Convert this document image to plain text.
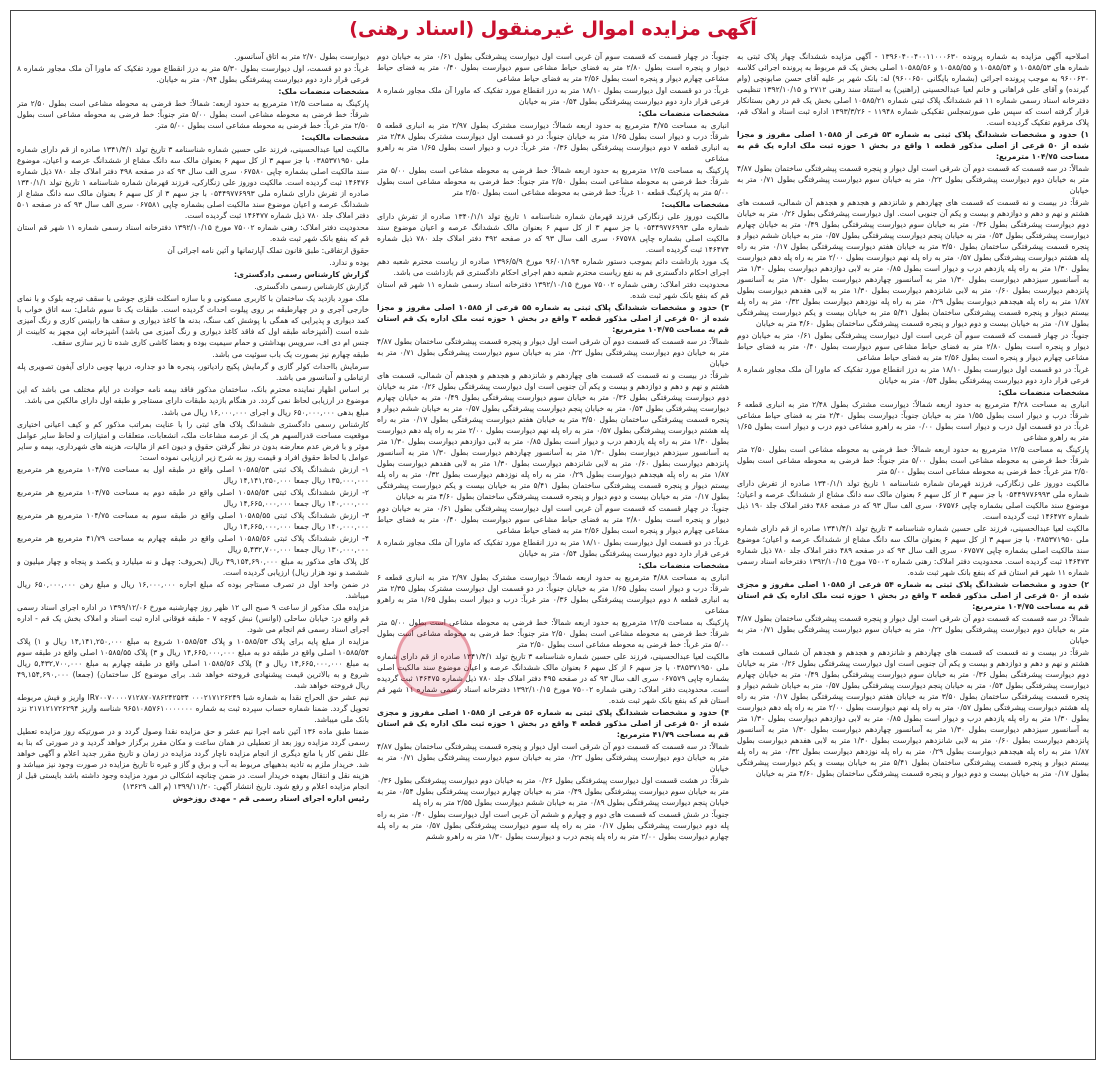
آگهی مزایده اموال غیرمنقول (اسناد رهنی)

اصلاحیه آگهی مزایده به شماره پرونده ۱۳۹۶۰۴۰۰۴۰۰۱۱۰۰۰۶۳۰ - آگهی مزایده ششدانگ چهار پلاک ثبتی به شماره های ۱۰۵۸۵/۵۳ و ۱۰۵۸۵/۵۴ و ۱۰۵۸۵/۵۵ و ۱۰۵۸۵/۵۶ اصلی بخش یک قم مربوط به پرونده اجرائی کلاسه ۹۶۰۰۶۳۰ به موجب پرونده اجرائی (بشماره بایگانی ۹۶۰۰۶۵۰) له: بانک شهر بر علیه آقای حسن صابونچی (وام گیرنده) و آقای علی فراهانی و خانم لعیا عبدالحسینی (راهنین) به استناد سند رهنی ۲۷۱۲ و ۱۳۹۲/۱۰/۱۵ تنظیمی دفترخانه اسناد رسمی شماره ۱۱ قم ششدانگ پلاک ثبتی شماره ۱۰۵۸۵/۲۱ اصلی بخش یک قم در رهن بستانکار قرار گرفته است که سپس طی صورتمجلس تفکیکی شماره ۱۱۹۴۸ - ۱۳۹۳/۳/۲۶ اداره ثبت اسناد و املاک قم، پلاک مرقوم تفکیک گردیده است.

۱) حدود و مشخصات ششدانگ پلاک ثبتی به شماره ۵۳ فرعی از ۱۰۵۸۵ اصلی مفروز و مجزا شده از ۵۰ فرعی از اصلی مذکور قطعه ۱ واقع در بخش ۱ حوزه ثبت ملک اداره یک قم به مساحت ۱۰۴/۷۵ مترمربع:

شمالاً: در سه قسمت که قسمت دوم آن شرقی است اول دیوار و پنجره قسمت پیشرفتگی ساختمان بطول ۴/۸۷ متر به خیابان دوم دیوارست پیشرفتگی بطول ۰/۲۲ متر به خیابان سوم دیوارست پیشرفتگی بطول ۰/۷۱ متر به خیابان

شرقاً: در بیست و نه قسمت که قسمت های چهاردهم و شانزدهم و هجدهم و هجدهم آن شمالی، قسمت های هشتم و نهم و دهم و دوازدهم و بیست و یکم آن جنوبی است. اول دیوارست پیشرفتگی بطول ۰/۲۶ متر به خیابان دوم دیوارست پیشرفتگی بطول ۰/۳۶ متر به خیابان سوم دیوارست پیشرفتگی بطول ۰/۴۹ متر به خیابان چهارم دیوارست پیشرفتگی بطول ۰/۵۴ متر به خیابان پنجم دیوارست پیشرفتگی بطول ۰/۵۷ متر به خیابان ششم دیوار و پنجره قسمت پیشرفتگی ساختمان بطول ۳/۵۰ متر به خیابان هفتم دیوارست پیشرفتگی بطول ۰/۱۷ متر به راه پله هشتم دیوارست پیشرفتگی بطول ۰/۵۷ متر به راه پله نهم دیوارست بطول ۲/۰۰ متر به راه پله دهم دیوارست بطول ۱/۳۰ متر به راه پله یازدهم درب و دیوار است بطول ۰/۸۵ متر به لابی دوازدهم دیوارست بطول ۱/۳۰ متر به آسانسور سیزدهم دیوارست بطول ۱/۳۰ متر به آسانسور چهاردهم دیوارست بطول ۱/۳۰ متر به آسانسور پانزدهم دیوارست بطول ۰/۶۰ متر به لابی شانزدهم دیوارست بطول ۱/۳۰ متر به لابی هفدهم دیوارست بطول ۱/۸۷ متر به راه پله هیجدهم دیوارست بطول ۰/۲۹ متر به راه پله نوزدهم دیوارست بطول ۰/۳۲ متر به راه پله بیستم دیوار و پنجره قسمت پیشرفتگی ساختمان بطول ۵/۴۱ متر به خیابان بیست و یکم دیوارست پیشرفتگی بطول ۰/۱۷ متر به خیابان بیست و دوم دیوار و پنجره قسمت پیشرفتگی ساختمان بطول ۴/۶۰ متر به خیابان

جنوباً: در چهار قسمت که قسمت سوم آن غربی است اول دیوارست پیشرفتگی بطول ۰/۶۱ متر به خیابان دوم دیوار و پنجره است بطول ۲/۸۰ متر به فضای حیاط مشاعی سوم دیوارست بطول ۰/۴۰ متر به فضای حیاط مشاعی چهارم دیوار و پنجره است بطول ۲/۵۶ متر به فضای حیاط مشاعی

غرباً: در دو قسمت اول دیوارست بطول ۱۸/۱۰ متر به درز انقطاع مورد تفکیک که ماورا آن ملک مجاور شماره ۸ فرعی قرار دارد دوم دیوارست پیشرفتگی بطول ۰/۵۴ متر به خیابان

مشخصات منضمات ملک:

انباری به مساحت ۴/۲۸ مترمربع به حدود اربعه شمالاً: دیوارست مشترک بطول ۲/۴۸ متر به انباری قطعه ۶ شرقاً: درب و دیوار است بطول ۱/۵۵ متر به خیابان جنوباً: دیوارست بطول ۲/۴۰ متر به فضای حیاط مشاعی غرباً: در دو قسمت اول درب و دیوار است بطول ۰/۰۰ متر به راهرو مشاعی دوم درب و دیوار است بطول ۱/۶۵ متر به راهرو مشاعی

پارکینگ به مساحت ۱۲/۵ مترمربع به حدود اربعه شمالاً: خط فرضی به محوطه مشاعی است بطول ۲/۵۰ متر شرقاً: خط فرضی به محوطه مشاعی است بطول ۵/۰۰ متر جنوباً: خط فرضی به محوطه مشاعی است بطول ۲/۵۰ متر غرباً: خط فرضی به محوطه مشاعی است بطول ۵/۰۰ متر

مالکیت دوروز علی زنگارکی، فرزند قهرمان شماره شناسنامه ۱ تاریخ تولد ۱۳۴۰/۱/۱ صادره از تفرش دارای شماره ملی ۰۵۴۴۹۷۷۶۹۹۳ با جز سهم ۳ از کل سهم ۶ بعنوان مالک سه دانگ مشاع از ششدانگ عرصه و اعیان؛ موضوع سند مالکیت اصلی بشماره چاپی ۰۶۷۵۷۶ سری الف سال ۹۳ که در صفحه ۴۸۶ دفتر املاک جلد ۱۹۰ ذیل شماره ۱۴۶۴۷۲ ثبت گردیده است.

مالکیت لعیا عبدالحسینی، فرزند علی حسین شماره شناسنامه ۳ تاریخ تولد ۱۳۴۱/۴/۱ صادره از قم دارای شماره ملی ۰۳۸۵۳۷۱۹۵۰ با جز سهم ۳ از کل سهم ۶ بعنوان مالک سه دانگ مشاع از ششدانگ عرصه و اعیان؛ موضوع سند مالکیت اصلی بشماره چاپی ۰۶۷۵۷۷ سری الف سال ۹۳ که در صفحه ۴۸۹ دفتر املاک جلد ۷۸۰ ذیل شماره ۱۴۶۴۷۳ ثبت گردیده است. محدودیت دفتر املاک: رهنی شماره ۷۵۰۰۲ مورخ ۱۳۹۲/۱۰/۱۵ دفترخانه اسناد رسمی شماره ۱۱ شهر قم استان قم که بنفع بانک شهر ثبت شده.

۲) حدود و مشخصات ششدانگ پلاک ثبتی به شماره ۵۴ فرعی از ۱۰۵۸۵ اصلی مفروز و مجزی شده از ۵۰ فرعی از اصلی مذکور قطعه ۳ واقع در بخش ۱ حوزه ثبت ملک اداره یک قم استان قم به مساحت ۱۰۴/۷۵ مترمربع:

شمالاً: در سه قسمت که قسمت دوم آن شرقی است اول دیوار و پنجره قسمت پیشرفتگی ساختمان بطول ۴/۸۷ متر به خیابان دوم دیوارست پیشرفتگی بطول ۰/۲۲ متر به خیابان سوم دیوارست پیشرفتگی بطول ۰/۷۱ متر به خیابان

شرقاً: در بیست و نه قسمت که قسمت های چهاردهم و شانزدهم و هجدهم و هجدهم آن شمالی قسمت های هشتم و نهم و دهم و دوازدهم و بیست و یکم آن جنوبی است اول دیوارست پیشرفتگی بطول ۰/۲۶ متر به خیابان دوم دیوارست پیشرفتگی بطول ۰/۳۶ متر به خیابان سوم دیوارست پیشرفتگی بطول ۰/۴۹ متر به خیابان چهارم دیوارست پیشرفتگی بطول ۰/۵۴ متر به خیابان پنجم دیوارست پیشرفتگی بطول ۰/۵۷ متر به خیابان ششم دیوار و پنجره قسمت پیشرفتگی ساختمان بطول ۳/۵۰ متر به خیابان هفتم دیوارست پیشرفتگی بطول ۰/۱۷ متر به راه پله هشتم دیوارست پیشرفتگی بطول ۰/۵۷ متر به راه پله نهم دیوارست بطول ۲/۰۰ متر به راه پله دهم دیوارست بطول ۱/۳۰ متر به راه پله یازدهم درب و دیوار است بطول ۰/۸۵ متر به لابی دوازدهم دیوارست بطول ۱/۳۰ متر به آسانسور سیزدهم دیوارست بطول ۱/۳۰ متر به آسانسور چهاردهم دیوارست بطول ۱/۳۰ متر به آسانسور پانزدهم دیوارست بطول ۰/۶۰ متر به لابی شانزدهم دیوارست بطول ۱/۳۰ متر به لابی هفدهم دیوارست بطول ۱/۸۷ متر به راه پله هیجدهم دیوارست بطول ۰/۲۹ متر به راه پله نوزدهم دیوارست بطول ۰/۳۲ متر به راه پله بیستم دیوار و پنجره قسمت پیشرفتگی ساختمان بطول ۵/۴۱ متر به خیابان بیست و یکم دیوارست پیشرفتگی بطول ۰/۱۷ متر به خیابان بیست و دوم دیوار و پنجره قسمت پیشرفتگی ساختمان بطول ۴/۶۰ متر به خیابان

جنوباً: در چهار قسمت که قسمت سوم آن غربی است اول دیوارست پیشرفتگی بطول ۰/۶۱ متر به خیابان دوم دیوار و پنجره است بطول ۲/۸۰ متر به فضای حیاط مشاعی سوم دیوارست بطول ۰/۴۰ متر به فضای حیاط مشاعی چهارم دیوار و پنجره است بطول ۲/۵۶ متر به فضای حیاط مشاعی

غرباً: در دو قسمت اول دیوارست بطول ۱۸/۱۰ متر به درز انقطاع مورد تفکیک که ماورا آن ملک مجاور شماره ۸ فرعی قرار دارد دوم دیوارست پیشرفتگی بطول ۰/۵۴ متر به خیابان

مشخصات منضمات ملک:

انباری به مساحت ۴/۷۵ مترمربع به حدود اربعه شمالاً: دیوارست مشترک بطول ۲/۹۷ متر به انباری قطعه ۵ شرقاً: درب و دیوار است بطول ۱/۶۵ متر به خیابان جنوباً: در دو قسمت اول دیوارست مشترک بطول ۲/۴۸ متر به انباری قطعه ۷ دوم دیوارست پیشرفتگی بطول ۰/۳۶ متر غرباً: درب و دیوار است بطول ۱/۶۵ متر به راهرو مشاعی

پارکینگ به مساحت ۱۲/۵ مترمربع به حدود اربعه شمالاً: خط فرضی به محوطه مشاعی است بطول ۵/۰۰ متر شرقاً: خط فرضی به محوطه مشاعی است بطول ۲/۵۰ متر جنوباً: خط فرضی به محوطه مشاعی است بطول ۵/۰۰ متر به پارکینگ قطعه ۱۰ غرباً: خط فرضی به محوطه مشاعی است بطول ۲/۵۰ متر

مشخصات مالکیت:

مالکیت دوروز علی زنگارکی فرزند قهرمان شماره شناسنامه ۱ تاریخ تولد ۱۳۴۰/۱/۱ صادره از تفرش دارای شماره ملی ۰۵۴۴۹۷۷۶۹۹۳ با جز سهم ۳ از کل سهم ۶ بعنوان مالک ششدانگ عرصه و اعیان موضوع سند مالکیت اصلی بشماره چاپی ۰۶۷۵۷۸ سری الف سال ۹۳ که در صفحه ۴۹۲ دفتر املاک جلد ۷۸۰ ذیل شماره ۱۴۶۴۷۴ ثبت گردیده است.

یک مورد بازداشت دائم بموجب دستور شماره ۹۶/۰۱/۱۹۴ مورخ ۱۳۹۶/۵/۹ صادره از ریاست محترم شعبه دهم اجرای احکام دادگستری قم به نفع ریاست محترم شعبه دهم اجرای احکام دادگستری قم بازداشت می باشد.

محدودیت دفتر املاک: رهنی شماره ۷۵۰۰۲ مورخ ۱۳۹۲/۱۰/۱۵ دفترخانه اسناد رسمی شماره ۱۱ شهر قم استان قم که بنفع بانک شهر ثبت شده.

۳) حدود و مشخصات ششدانگ پلاک ثبتی به شماره ۵۵ فرعی از ۱۰۵۸۵ اصلی مفروز و مجزا شده از ۵۰ فرعی از اصلی مذکور قطعه ۳ واقع در بخش ۱ حوزه ثبت ملک اداره یک قم استان قم به مساحت ۱۰۴/۷۵ مترمربع:

شمالاً: در سه قسمت که قسمت دوم آن شرقی است اول دیوار و پنجره قسمت پیشرفتگی ساختمان بطول ۴/۸۷ متر به خیابان دوم دیوارست پیشرفتگی بطول ۰/۲۲ متر به خیابان سوم دیوارست پیشرفتگی بطول ۰/۷۱ متر به خیابان

شرقاً: در بیست و نه قسمت که قسمت های چهاردهم و شانزدهم و هجدهم و هجدهم آن شمالی، قسمت های هشتم و نهم و دهم و دوازدهم و بیست و یکم آن جنوبی است اول دیوارست پیشرفتگی بطول ۰/۲۶ متر به خیابان دوم دیوارست پیشرفتگی بطول ۰/۳۶ متر به خیابان سوم دیوارست پیشرفتگی بطول ۰/۴۹ متر به خیابان چهارم دیوارست پیشرفتگی بطول ۰/۵۴ متر به خیابان پنجم دیوارست پیشرفتگی بطول ۰/۵۷ متر به خیابان ششم دیوار و پنجره قسمت پیشرفتگی ساختمان بطول ۳/۵۰ متر به خیابان هفتم دیوارست پیشرفتگی بطول ۰/۱۷ متر به راه پله هشتم دیوارست پیشرفتگی بطول ۰/۵۷ متر به راه پله نهم دیوارست بطول ۲/۰۰ متر به راه پله دهم دیوارست بطول ۱/۳۰ متر به راه پله یازدهم درب و دیوار است بطول ۰/۸۵ متر به لابی دوازدهم دیوارست بطول ۱/۳۰ متر به آسانسور سیزدهم دیوارست بطول ۱/۳۰ متر به آسانسور چهاردهم دیوارست بطول ۱/۳۰ متر به آسانسور پانزدهم دیوارست بطول ۰/۶۰ متر به لابی شانزدهم دیوارست بطول ۱/۳۰ متر به لابی هفدهم دیوارست بطول ۱/۸۷ متر به راه پله هیجدهم دیوارست بطول ۰/۲۹ متر به راه پله نوزدهم دیوارست بطول ۰/۳۲ متر به راه پله بیستم دیوار و پنجره قسمت پیشرفتگی ساختمان بطول ۵/۴۱ متر به خیابان بیست و یکم دیوارست پیشرفتگی بطول ۰/۱۷ متر به خیابان بیست و دوم دیوار و پنجره قسمت پیشرفتگی ساختمان بطول ۴/۶۰ متر به خیابان

جنوباً: در چهار قسمت که قسمت سوم آن غربی است اول دیوارست پیشرفتگی بطول ۰/۶۱ متر به خیابان دوم دیوار و پنجره است بطول ۲/۸۰ متر به فضای حیاط مشاعی سوم دیوارست بطول ۰/۴۰ متر به فضای حیاط مشاعی چهارم دیوار و پنجره است بطول ۲/۵۶ متر به فضای حیاط مشاعی

غرباً: در دو قسمت اول دیوارست بطول ۱۸/۱۰ متر به درز انقطاع مورد تفکیک که ماورا آن ملک مجاور شماره ۸ فرعی قرار دارد دوم دیوارست پیشرفتگی بطول ۰/۵۴ متر به خیابان

مشخصات منضمات ملک:

انباری به مساحت ۴/۸۸ مترمربع به حدود اربعه شمالاً: دیوارست مشترک بطول ۲/۹۷ متر به انباری قطعه ۶ شرقاً: درب و دیوار است بطول ۱/۶۵ متر به خیابان جنوباً: در دو قسمت اول دیوارست مشترک بطول ۲/۳۵ متر به انباری قطعه ۸ دوم دیوارست پیشرفتگی بطول ۰/۳۶ متر غرباً: درب و دیوار است بطول ۱/۶۵ متر به راهرو مشاعی

پارکینگ به مساحت ۱۲/۵ مترمربع به حدود اربعه شمالاً: خط فرضی به محوطه مشاعی است بطول ۵/۰۰ متر شرقاً: خط فرضی به محوطه مشاعی است بطول ۲/۵۰ متر جنوباً: خط فرضی به محوطه مشاعی است بطول ۵/۰۰ متر غرباً: خط فرضی به محوطه مشاعی است بطول ۲/۵۰ متر

مالکیت لعیا عبدالحسینی، فرزند علی حسین شماره شناسنامه ۳ تاریخ تولد ۱۳۴۱/۴/۱ صادره از قم دارای شماره ملی ۰۳۸۵۳۷۱۹۵۰ با جز سهم ۶ از کل سهم ۶ بعنوان مالک ششدانگ عرصه و اعیان موضوع سند مالکیت اصلی بشماره چاپی ۰۶۷۵۷۹ سری الف سال ۹۳ که در صفحه ۴۹۵ دفتر املاک جلد ۷۸۰ ذیل شماره ۱۴۶۴۷۵ ثبت گردیده است. محدودیت دفتر املاک: رهنی شماره ۷۵۰۰۲ مورخ ۱۳۹۲/۱۰/۱۵ دفترخانه اسناد رسمی شماره ۱۱ شهر قم استان قم که بنفع بانک شهر ثبت شده.

۴) حدود و مشخصات ششدانگ پلاک ثبتی به شماره ۵۶ فرعی از ۱۰۵۸۵ اصلی مفروز و مجزی شده از ۵۰ فرعی از اصلی مذکور قطعه ۴ واقع در بخش ۱ حوزه ثبت ملک اداره یک قم استان قم به مساحت ۴۱/۷۹ مترمربع:

شمالاً: در سه قسمت که قسمت دوم آن شرقی است اول دیوار و پنجره قسمت پیشرفتگی ساختمان بطول ۴/۸۷ متر به خیابان دوم دیوارست پیشرفتگی بطول ۰/۲۲ متر به خیابان سوم دیوارست پیشرفتگی بطول ۰/۷۱ متر به خیابان

شرقاً: در هشت قسمت اول دیوارست پیشرفتگی بطول ۰/۲۶ متر به خیابان دوم دیوارست پیشرفتگی بطول ۰/۳۶ متر به خیابان سوم دیوارست پیشرفتگی بطول ۰/۴۹ متر به خیابان چهارم دیوارست پیشرفتگی بطول ۰/۵۴ متر به خیابان پنجم دیوارست پیشرفتگی بطول ۰/۸۹ متر به خیابان ششم دیوارست بطول ۲/۵۵ متر به راه پله

جنوباً: در شش قسمت که قسمت های دوم و چهارم و ششم آن غربی است اول دیوارست بطول ۰/۴۰ متر به راه پله دوم دیوارست پیشرفتگی بطول ۰/۱۷ متر به راه پله سوم دیوارست پیشرفتگی بطول ۰/۵۷ متر به راه پله چهارم دیوارست بطول ۲/۰۰ متر به راه پله پنجم درب و دیوارست بطول ۱/۳۰ متر به راهرو ششم

دیوارست بطول ۲/۷۰ متر به اتاق آسانسور.

غرباً: دو دو قسمت، اول دیوارست بطول ۵/۳۰ متر به درز انقطاع مورد تفکیک که ماورا آن ملک مجاور شماره ۸ فرعی قرار دارد دوم دیوارست پیشرفتگی بطول ۰/۹۴ متر به خیابان.

مشخصات منضمات ملک:

پارکینگ به مساحت ۱۲/۵ مترمربع به حدود اربعه: شمالاً: خط فرضی به محوطه مشاعی است بطول ۲/۵۰ متر شرقاً: خط فرضی به محوطه مشاعی است بطول ۵/۰۰ متر جنوباً: خط فرضی به محوطه مشاعی است بطول ۲/۵۰ متر غرباً: خط فرضی به محوطه مشاعی است بطول ۵/۰۰ متر.

مشخصات مالکیت:

مالکیت لعیا عبدالحسینی، فرزند علی حسین شماره شناسنامه ۳ تاریخ تولد ۱۳۴۱/۴/۱ صادره از قم دارای شماره ملی ۰۳۸۵۳۷۱۹۵۰ با جز سهم ۳ از کل سهم ۶ بعنوان مالک سه دانگ مشاع از ششدانگ عرصه و اعیان، موضوع سند مالکیت اصلی بشماره چاپی ۰۶۷۵۸۰ سری الف سال ۹۳ که در صفحه ۴۹۸ دفتر املاک جلد ۷۸۰ ذیل شماره ۱۴۶۴۷۶ ثبت گردیده است. مالکیت دوروز علی زنگارکی، فرزند قهرمان شماره شناسنامه ۱ تاریخ تولد ۱۳۴۰/۱/۱ صادره از تفرش دارای شماره ملی ۰۵۴۴۹۷۷۶۹۹۳ با جز سهم ۳ از کل سهم ۶ بعنوان مالک سه دانگ مشاع از ششدانگ عرصه و اعیان موضوع سند مالکیت اصلی بشماره چاپی ۰۶۷۵۸۱ سری الف سال ۹۳ که در صفحه ۵۰۱ دفتر املاک جلد ۷۸۰ ذیل شماره ۱۴۶۴۷۷ ثبت گردیده است.

محدودیت دفتر املاک: رهنی شماره ۷۵۰۰۲ مورخ ۱۳۹۲/۱۰/۱۵ دفترخانه اسناد رسمی شماره ۱۱ شهر قم استان قم که بنفع بانک شهر ثبت شده.

حقوق ارتفاقی: طبق قانون تملک آپارتمانها و آئین نامه اجرائی آن

بوده و ندارد.

گزارش کارشناس رسمی دادگستری:

گزارش کارشناس رسمی دادگستری.

ملک مورد بازدید یک ساختمان با کاربری مسکونی و با سازه اسکلت فلزی جوشی با سقف تیرچه بلوک و با نمای خارجی آجری و در چهارطبقه بر روی پیلوت احداث گردیده است. طبقات یک تا سوم شامل: سه اتاق خواب با کمد دیواری و پذیرایی که همگی با پوشش کف سنگ، بدنه ها کاغذ دیواری و سقف ها رابیتس کاری و رنگ آمیزی شده است (آشپزخانه طبقه اول که فاقد کاغذ دیواری و رنگ آمیزی می باشد) آشپزخانه اپن مجهز به کابینت از جنس ام دی اف، سرویس بهداشتی و حمام سیمیت بوده و بعضا کاشی کاری شده تا زیر سازی سقف.

طبقه چهارم نیز بصورت یک باب سوئیت می باشد.

سرمایش بااحداث کولر گازی و گرمایش پکیج رادیاتور، پنجره ها دو جداره، دربها چوبی دارای آیفون تصویری پله ارتباطی و آسانسور می باشد.

بر اساس اظهار نماینده محترم بانک، ساختمان مذکور فاقد بیمه نامه حوادث در ایام مختلف می باشد که این موضوع در ارزیابی لحاظ نمی گردد. در هنگام بازدید طبقات دارای مستاجر و طبقه اول دارای مالکین می باشد.

مبلغ بدهی ۶۵۰,۰۰۰,۰۰۰ ریال و اجرای ۱۶,۰۰۰,۰۰۰ ریال می باشد.

کارشناس رسمی دادگستری ششدانگ پلاک های ثبتی را با عنایت بمراتب مذکور کم و کیف اعیانی اختیاری موقعیت مساحت قدرالسهم هر یک از عرصه مشاعات ملک، انشعابات، متعلقات و امتیازات و لحاظ سایر عوامل موثر و با فرض عدم معارضه بدون در نظر گرفتن حقوق و دیون اعم از مالیات، هزینه های شهرداری، بیمه و سایر عوامل با لحاظ حقوق افراد و قیمت روز به شرح زیر ارزیابی نموده است:

۱- ارزش ششدانگ پلاک ثبتی ۱۰۵۸۵/۵۳ اصلی واقع در طبقه اول به مساحت ۱۰۴/۷۵ مترمربع هر مترمربع ۱۳۵,۰۰۰,۰۰۰ ریال جمعا ۱۴,۱۴۱,۲۵۰,۰۰۰ ریال

۲- ارزش ششدانگ پلاک ثبتی ۱۰۵۸۵/۵۴ اصلی واقع در طبقه دوم به مساحت ۱۰۴/۷۵ مترمربع هر مترمربع ۱۴۰,۰۰۰,۰۰۰ ریال جمعا ۱۴,۶۶۵,۰۰۰,۰۰۰ ریال

۳- ارزش ششدانگ پلاک ثبتی ۱۰۵۸۵/۵۵ اصلی واقع در طبقه سوم به مساحت ۱۰۴/۷۵ مترمربع هر مترمربع ۱۴۰,۰۰۰,۰۰۰ ریال جمعا ۱۴,۶۶۵,۰۰۰,۰۰۰ ریال

۴- ارزش ششدانگ پلاک ثبتی ۱۰۵۸۵/۵۶ اصلی واقع در طبقه چهارم به مساحت ۴۱/۷۹ مترمربع هر مترمربع ۱۳۰,۰۰۰,۰۰۰ ریال جمعا ۵,۴۳۲,۷۰۰,۰۰۰ ریال

کل پلاک های مذکور به مبلغ ۴۹,۱۵۴,۶۹۰,۰۰۰ ریال (بحروف: چهل و نه میلیارد و یکصد و پنجاه و چهار میلیون و ششصد و نود هزار ریال) ارزیابی گردیده است.

در ضمن واحد اول در تصرف مستاجر بوده که مبلغ اجاره ۱۶,۰۰۰,۰۰۰ ریال و مبلغ رهن ۶۵۰,۰۰۰,۰۰۰ ریال میباشد.

مزایده ملک مذکور از ساعت ۹ صبح الی ۱۲ ظهر روز چهارشنبه مورخ ۱۳۹۹/۱۲/۰۶ در اداره اجرای اسناد رسمی قم واقع در: خیابان ساحلی (اوانس) نبش کوچه ۷ - طبقه فوقانی اداره ثبت اسناد و املاک بخش یک قم - اداره اجرای اسناد رسمی قم انجام می شود.

مزایده از مبلغ پایه برای پلاک ۱۰۵۸۵/۵۳ و پلاک ۱۰۵۸۵/۵۴ شروع به مبلغ ۱۴,۱۴۱,۲۵۰,۰۰۰ ریال و ۱) پلاک ۱۰۵۸۵/۵۴ اصلی واقع در طبقه دو به مبلغ ۱۴,۶۶۵,۰۰۰,۰۰۰ ریال و ۳) پلاک ۱۰۵۸۵/۵۵ اصلی واقع در طبقه سوم به مبلغ ۱۴,۶۶۵,۰۰۰,۰۰۰ ریال و ۴) پلاک ۱۰۵۸۵/۵۶ اصلی واقع در طبقه چهارم به مبلغ ۵,۴۳۲,۷۰۰,۰۰۰ ریال شروع و به بالاترین قیمت پیشنهادی فروخته خواهد شد. برای موضوع کل ساختمان) (جمعا) ۴۹,۱۵۴,۶۹۰,۰۰۰ ریال فروخته خواهد شد.

نیم عشر حق الحراج نقدا به شماره شبا IR۷۰۰۷۰۰۰۰۷۱۲۸۷۰۷۸۶۲۴۲۵۳۴ ۰۰۰۲۱۷۱۲۶۲۴۹ واریز و فیش مربوطه تحویل گردد. ضمنا شماره حساب سپرده ثبت به شماره ۹۶۵۱۰۸۵۷۶۱۰۰۰۰۰۰۰ شناسه واریز ۲۱۷۱۲۱۷۲۶۲۹۴ نزد بانک ملی میباشد.

ضمنا طبق ماده ۱۳۶ آئین نامه اجرا نیم عشر و حق مزایده نقدا وصول گردد و در صورتیکه روز مزایده تعطیل رسمی گردد مزایده روز بعد از تعطیلی در همان ساعت و مکان مقرر برگزار خواهد گردید و در صورتی که بنا به علل نقص کار یا مانع دیگری از انجام مزایده ناچار گردد مزایده در زمان و تاریخ مقرر جدید اعلام و آگهی خواهد شد. خریدار ملزم به تادیه بدهیهای مربوط به آب و برق و گاز و غیره تا تاریخ مزایده در صورت وجود نیز میباشد و هزینه نقل و انتقال بعهده خریدار است. در ضمن چنانچه اشکالی در مورد مزایده وجود داشته باشد بایستی قبل از انجام مزایده اعلام و رفع شود. تاریخ انتشار آگهی: ۱۳۹۹/۱۱/۲۰ (م الف ۱۳۶۲۹)

رئیس اداره اجرای اسناد رسمی قم - مهدی روزخوش
